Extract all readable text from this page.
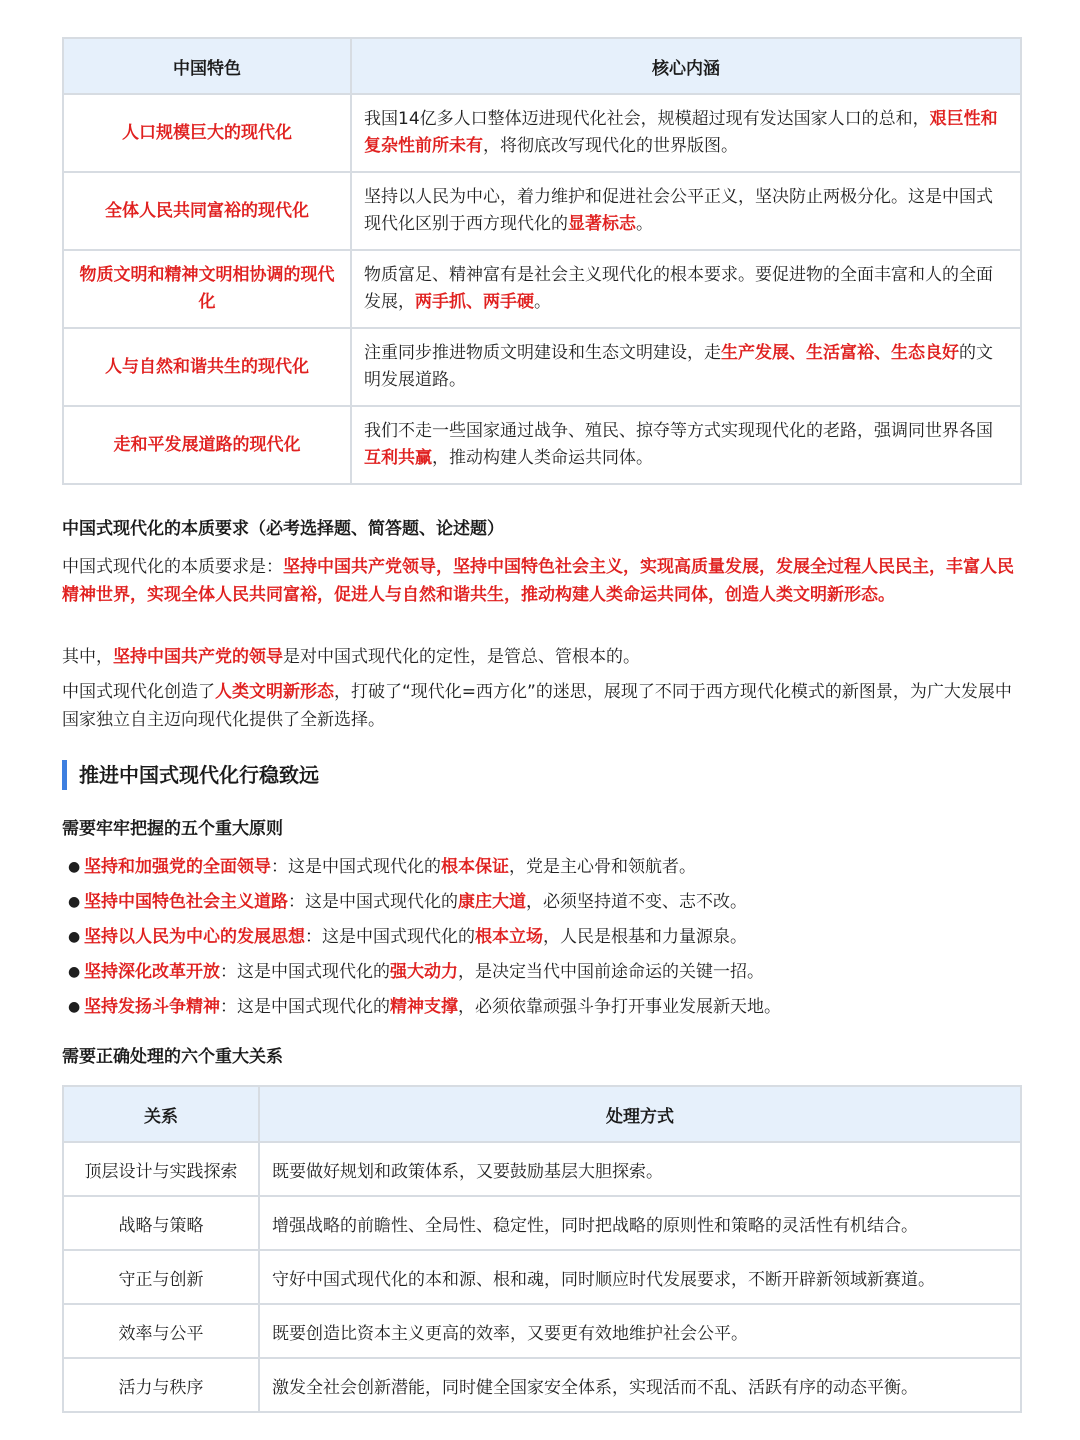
中国特色	核心内涵
人口规模巨大的现代化	我国14亿多人口整体迈进现代化社会，规模超过现有发达国家人口的总和，艰巨性和复杂性前所未有，将彻底改写现代化的世界版图。
全体人民共同富裕的现代化	坚持以人民为中心，着力维护和促进社会公平正义，坚决防止两极分化。这是中国式现代化区别于西方现代化的显著标志。
物质文明和精神文明相协调的现代化	物质富足、精神富有是社会主义现代化的根本要求。要促进物的全面丰富和人的全面发展，两手抓、两手硬。
人与自然和谐共生的现代化	注重同步推进物质文明建设和生态文明建设，走生产发展、生活富裕、生态良好的文明发展道路。
走和平发展道路的现代化	我们不走一些国家通过战争、殖民、掠夺等方式实现现代化的老路，强调同世界各国互利共赢，推动构建人类命运共同体。
中国式现代化的本质要求（必考选择题、简答题、论述题）
中国式现代化的本质要求是：坚持中国共产党领导，坚持中国特色社会主义，实现高质量发展，发展全过程人民民主，丰富人民精神世界，实现全体人民共同富裕，促进人与自然和谐共生，推动构建人类命运共同体，创造人类文明新形态。
其中，坚持中国共产党的领导是对中国式现代化的定性，是管总、管根本的。
中国式现代化创造了人类文明新形态，打破了“现代化=西方化”的迷思，展现了不同于西方现代化模式的新图景，为广大发展中国家独立自主迈向现代化提供了全新选择。
推进中国式现代化行稳致远
需要牢牢把握的五个重大原则
● 坚持和加强党的全面领导：这是中国式现代化的根本保证，党是主心骨和领航者。
● 坚持中国特色社会主义道路：这是中国式现代化的康庄大道，必须坚持道不变、志不改。
● 坚持以人民为中心的发展思想：这是中国式现代化的根本立场，人民是根基和力量源泉。
● 坚持深化改革开放：这是中国式现代化的强大动力，是决定当代中国前途命运的关键一招。
● 坚持发扬斗争精神：这是中国式现代化的精神支撑，必须依靠顽强斗争打开事业发展新天地。
需要正确处理的六个重大关系
关系	处理方式
顶层设计与实践探索	既要做好规划和政策体系，又要鼓励基层大胆探索。
战略与策略	增强战略的前瞻性、全局性、稳定性，同时把战略的原则性和策略的灵活性有机结合。
守正与创新	守好中国式现代化的本和源、根和魂，同时顺应时代发展要求，不断开辟新领域新赛道。
效率与公平	既要创造比资本主义更高的效率，又要更有效地维护社会公平。
活力与秩序	激发全社会创新潜能，同时健全国家安全体系，实现活而不乱、活跃有序的动态平衡。
